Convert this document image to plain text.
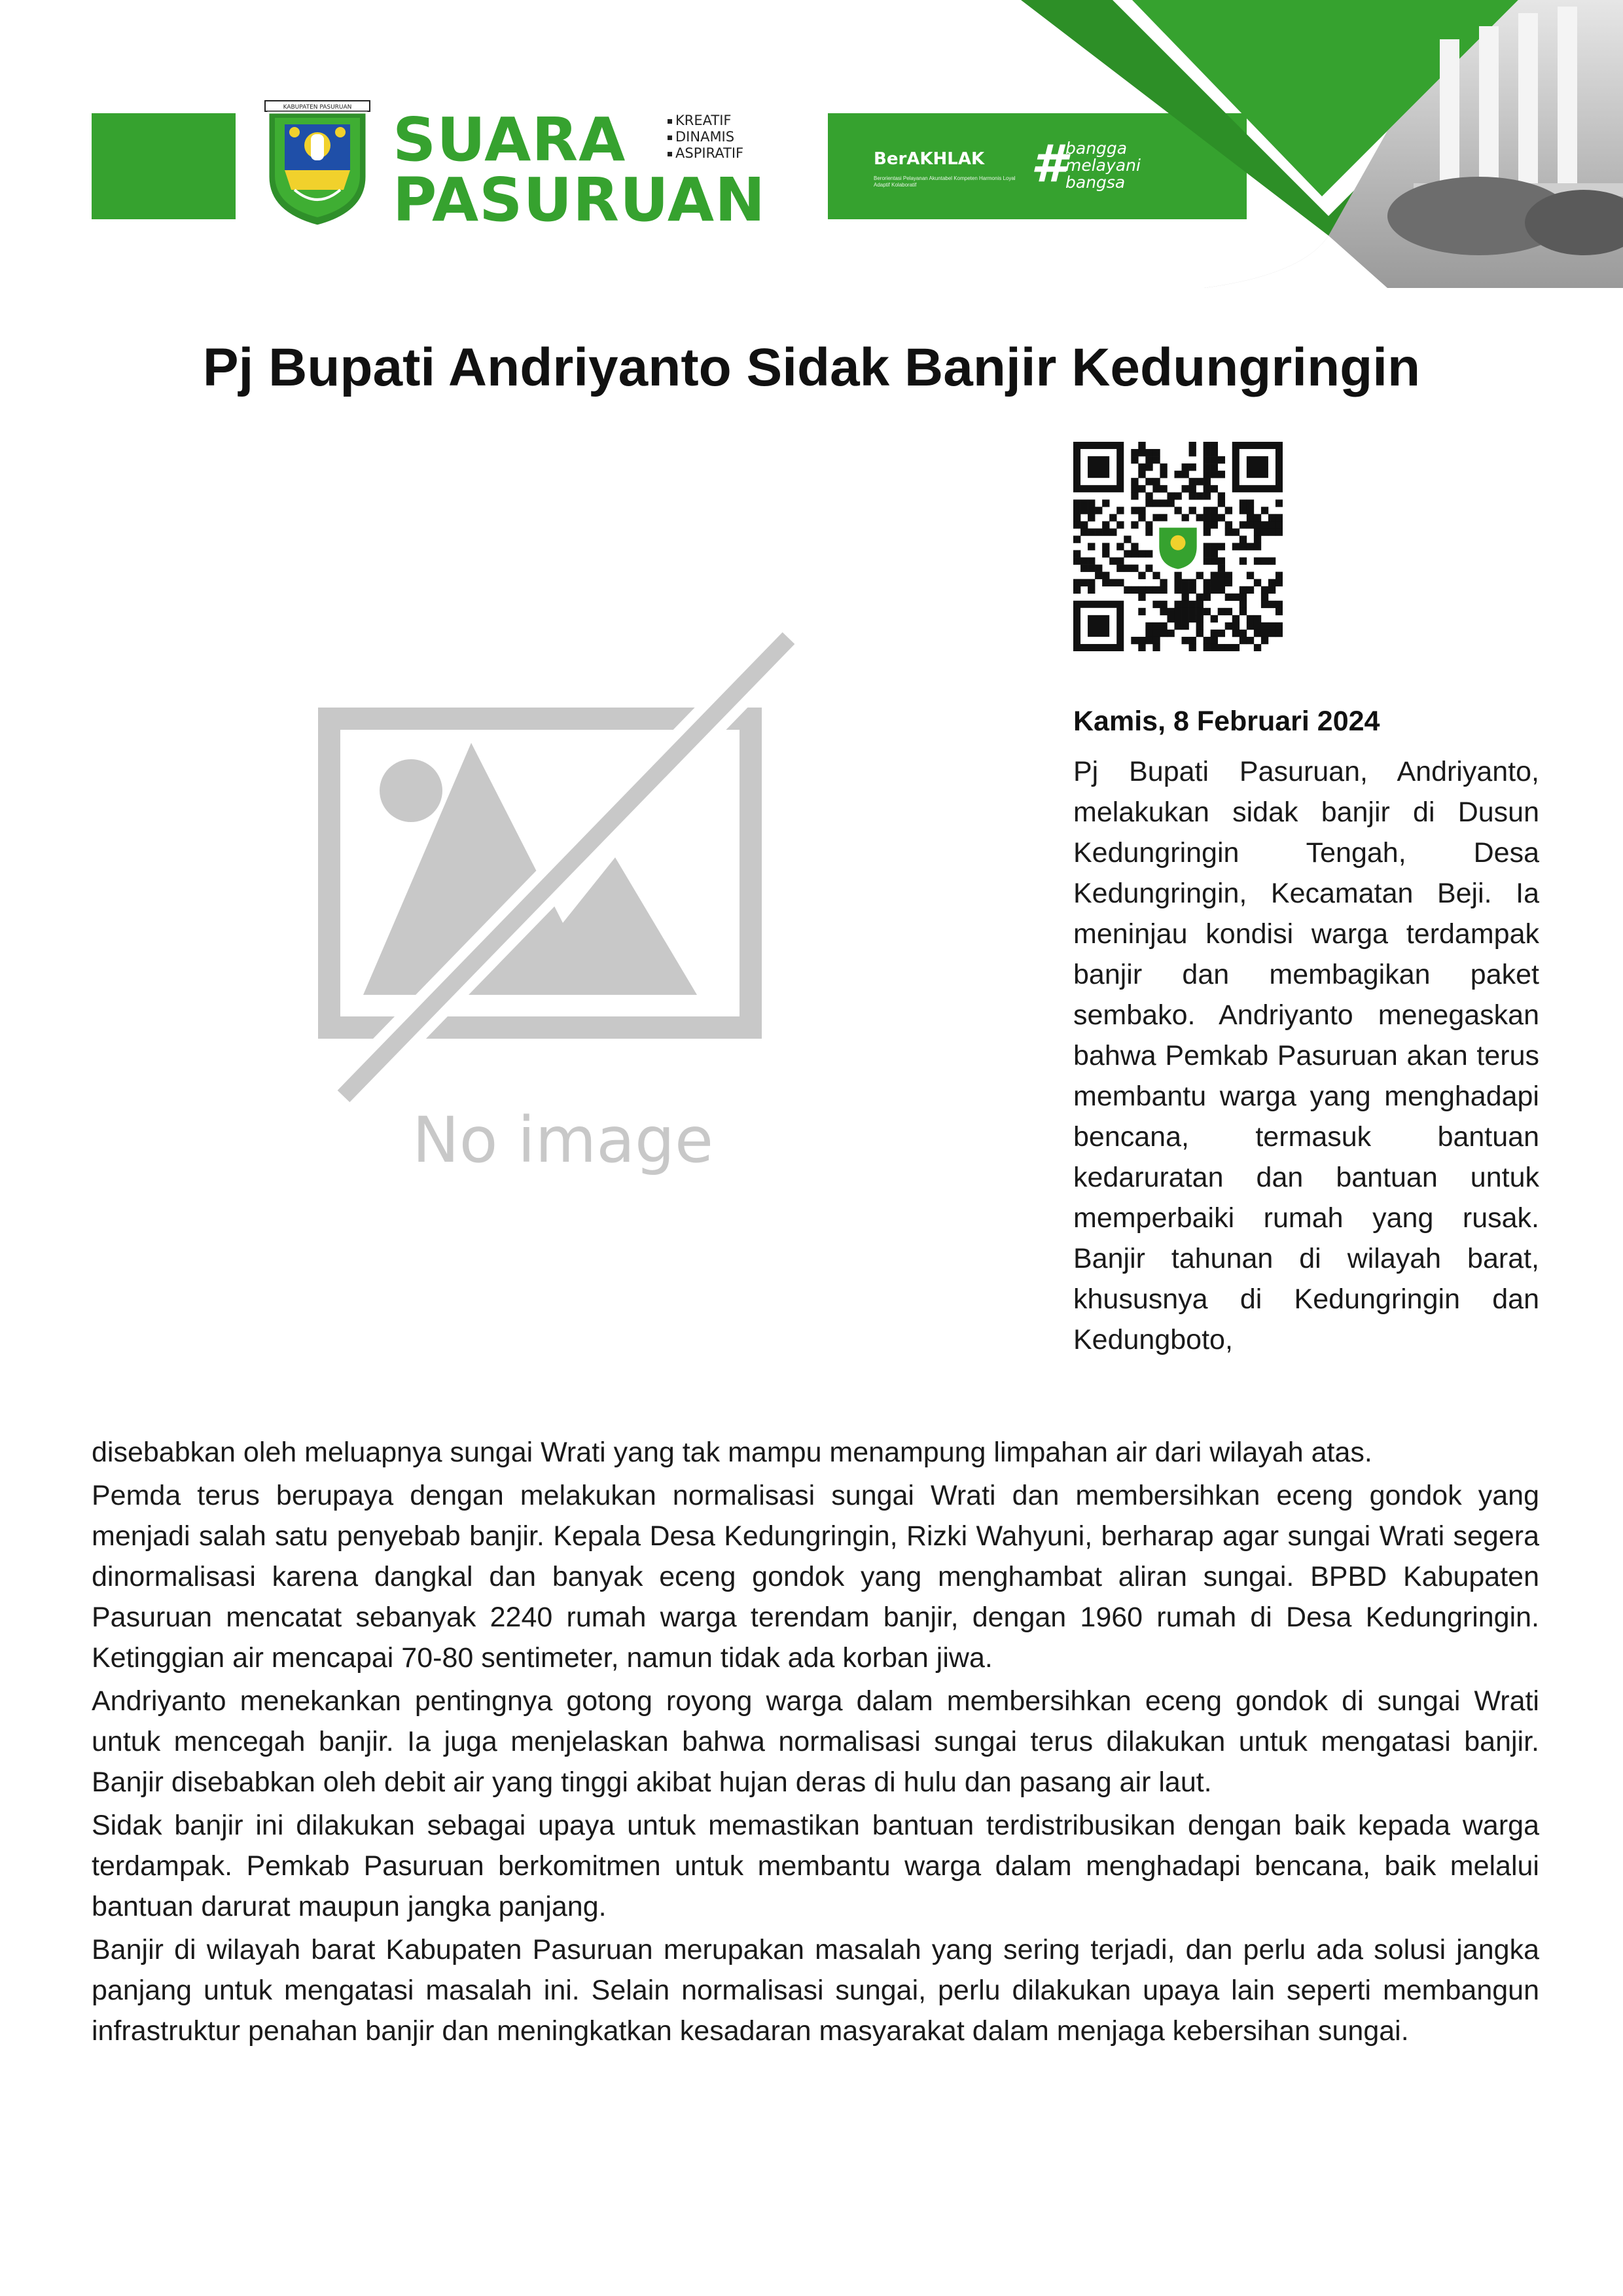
KABUPATEN PASURUAN SUARA
PASURUAN
KREATIF
DINAMIS
ASPIRATIF	BerAKHLAK
Berorientasi Pelayanan Akuntabel Kompeten Harmonis Loyal Adaptif Kolaboratif	#
bangga
melayani
bangsa
Pj Bupati Andriyanto Sidak Banjir Kedungringin
No image
Kamis, 8 Februari 2024

Pj Bupati Pasuruan, Andriyanto, melakukan sidak banjir di Dusun Kedungringin Tengah, Desa Kedungringin, Kecamatan Beji. Ia meninjau kondisi warga terdampak banjir dan membagikan paket sembako. Andriyanto menegaskan bahwa Pemkab Pasuruan akan terus membantu warga yang menghadapi bencana, termasuk bantuan kedaruratan dan bantuan untuk memperbaiki rumah yang rusak. Banjir tahunan di wilayah barat, khususnya di Kedungringin dan Kedungboto,

disebabkan oleh meluapnya sungai Wrati yang tak mampu menampung limpahan air dari wilayah atas.

Pemda terus berupaya dengan melakukan normalisasi sungai Wrati dan membersihkan eceng gondok yang menjadi salah satu penyebab banjir. Kepala Desa Kedungringin, Rizki Wahyuni, berharap agar sungai Wrati segera dinormalisasi karena dangkal dan banyak eceng gondok yang menghambat aliran sungai. BPBD Kabupaten Pasuruan mencatat sebanyak 2240 rumah warga terendam banjir, dengan 1960 rumah di Desa Kedungringin. Ketinggian air mencapai 70-80 sentimeter, namun tidak ada korban jiwa.

Andriyanto menekankan pentingnya gotong royong warga dalam membersihkan eceng gondok di sungai Wrati untuk mencegah banjir. Ia juga menjelaskan bahwa normalisasi sungai terus dilakukan untuk mengatasi banjir. Banjir disebabkan oleh debit air yang tinggi akibat hujan deras di hulu dan pasang air laut.

Sidak banjir ini dilakukan sebagai upaya untuk memastikan bantuan terdistribusikan dengan baik kepada warga terdampak. Pemkab Pasuruan berkomitmen untuk membantu warga dalam menghadapi bencana, baik melalui bantuan darurat maupun jangka panjang.

Banjir di wilayah barat Kabupaten Pasuruan merupakan masalah yang sering terjadi, dan perlu ada solusi jangka panjang untuk mengatasi masalah ini. Selain normalisasi sungai, perlu dilakukan upaya lain seperti membangun infrastruktur penahan banjir dan meningkatkan kesadaran masyarakat dalam menjaga kebersihan sungai.
